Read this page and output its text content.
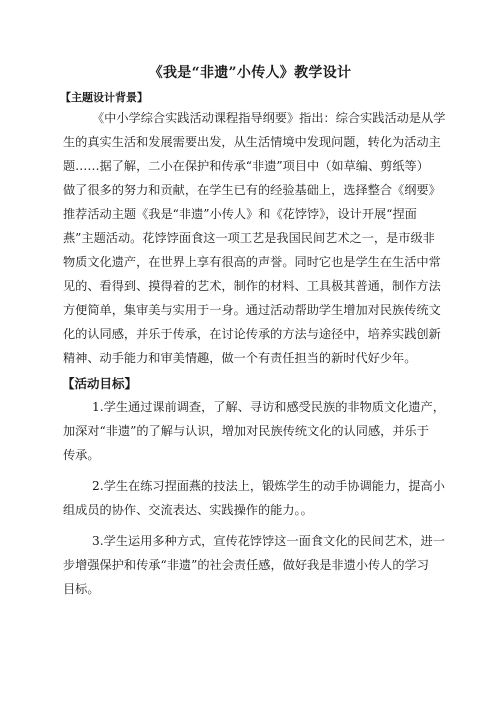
《我是“非遗”小传人》教学设计
【主题设计背景】
《中小学综合实践活动课程指导纲要》指出：综合实践活动是从学
生的真实生活和发展需要出发，从生活情境中发现问题，转化为活动主
题……据了解，二小在保护和传承“非遗”项目中（如草编、剪纸等）
做了很多的努力和贡献，在学生已有的经验基础上，选择整合《纲要》
推荐活动主题《我是“非遗”小传人》和《花饽饽》，设计开展“捏面
燕”主题活动。花饽饽面食这一项工艺是我国民间艺术之一，是市级非
物质文化遗产，在世界上享有很高的声誉。同时它也是学生在生活中常
见的、看得到、摸得着的艺术，制作的材料、工具极其普通，制作方法
方便简单，集审美与实用于一身。通过活动帮助学生增加对民族传统文
化的认同感，并乐于传承，在讨论传承的方法与途径中，培养实践创新
精神、动手能力和审美情趣，做一个有责任担当的新时代好少年。
【活动目标】
1.学生通过课前调查，了解、寻访和感受民族的非物质文化遗产，
加深对“非遗”的了解与认识，增加对民族传统文化的认同感，并乐于
传承。
2.学生在练习捏面燕的技法上，锻炼学生的动手协调能力，提高小
组成员的协作、交流表达、实践操作的能力。。
3.学生运用多种方式，宣传花饽饽这一面食文化的民间艺术，进一
步增强保护和传承“非遗”的社会责任感，做好我是非遗小传人的学习
目标。
